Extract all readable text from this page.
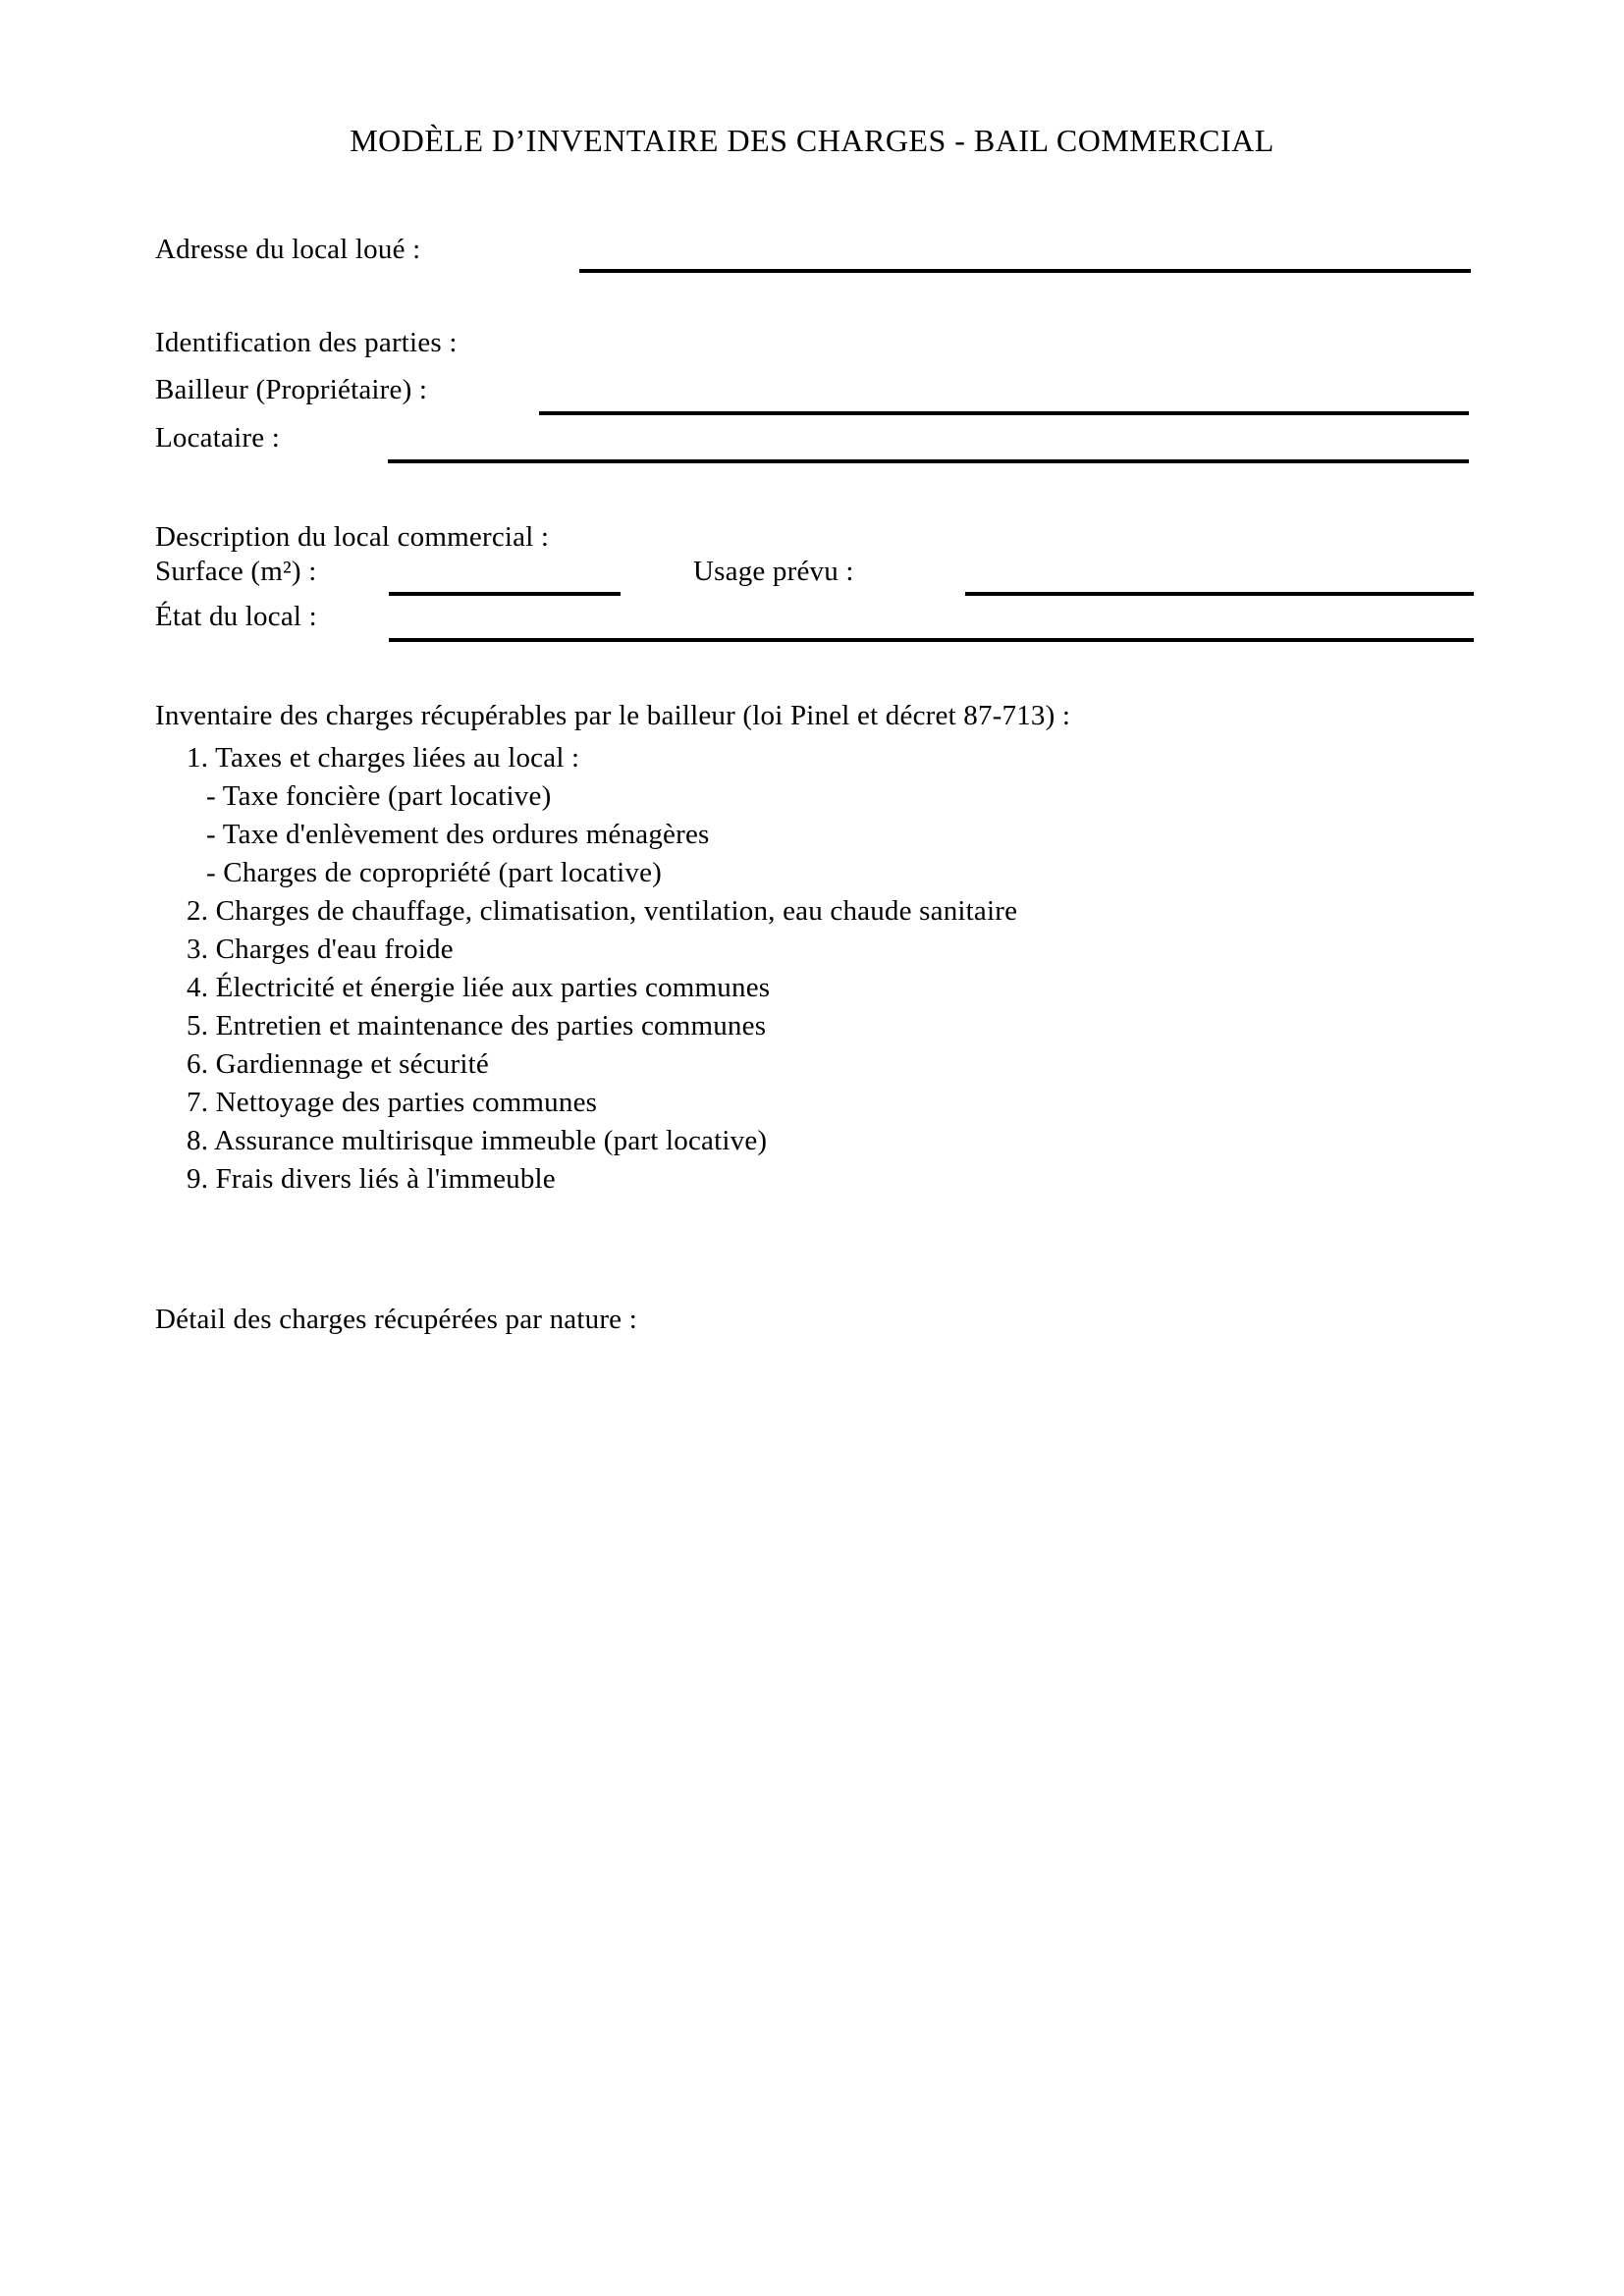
MODÈLE D’INVENTAIRE DES CHARGES - BAIL COMMERCIAL
Adresse du local loué :
Identification des parties :
Bailleur (Propriétaire) :
Locataire :
Description du local commercial :
Surface (m²) :	Usage prévu :
État du local :
Inventaire des charges récupérables par le bailleur (loi Pinel et décret 87-713) :
1. Taxes et charges liées au local :
- Taxe foncière (part locative)
- Taxe d'enlèvement des ordures ménagères
- Charges de copropriété (part locative)
2. Charges de chauffage, climatisation, ventilation, eau chaude sanitaire
3. Charges d'eau froide
4. Électricité et énergie liée aux parties communes
5. Entretien et maintenance des parties communes
6. Gardiennage et sécurité
7. Nettoyage des parties communes
8. Assurance multirisque immeuble (part locative)
9. Frais divers liés à l'immeuble
Détail des charges récupérées par nature :
